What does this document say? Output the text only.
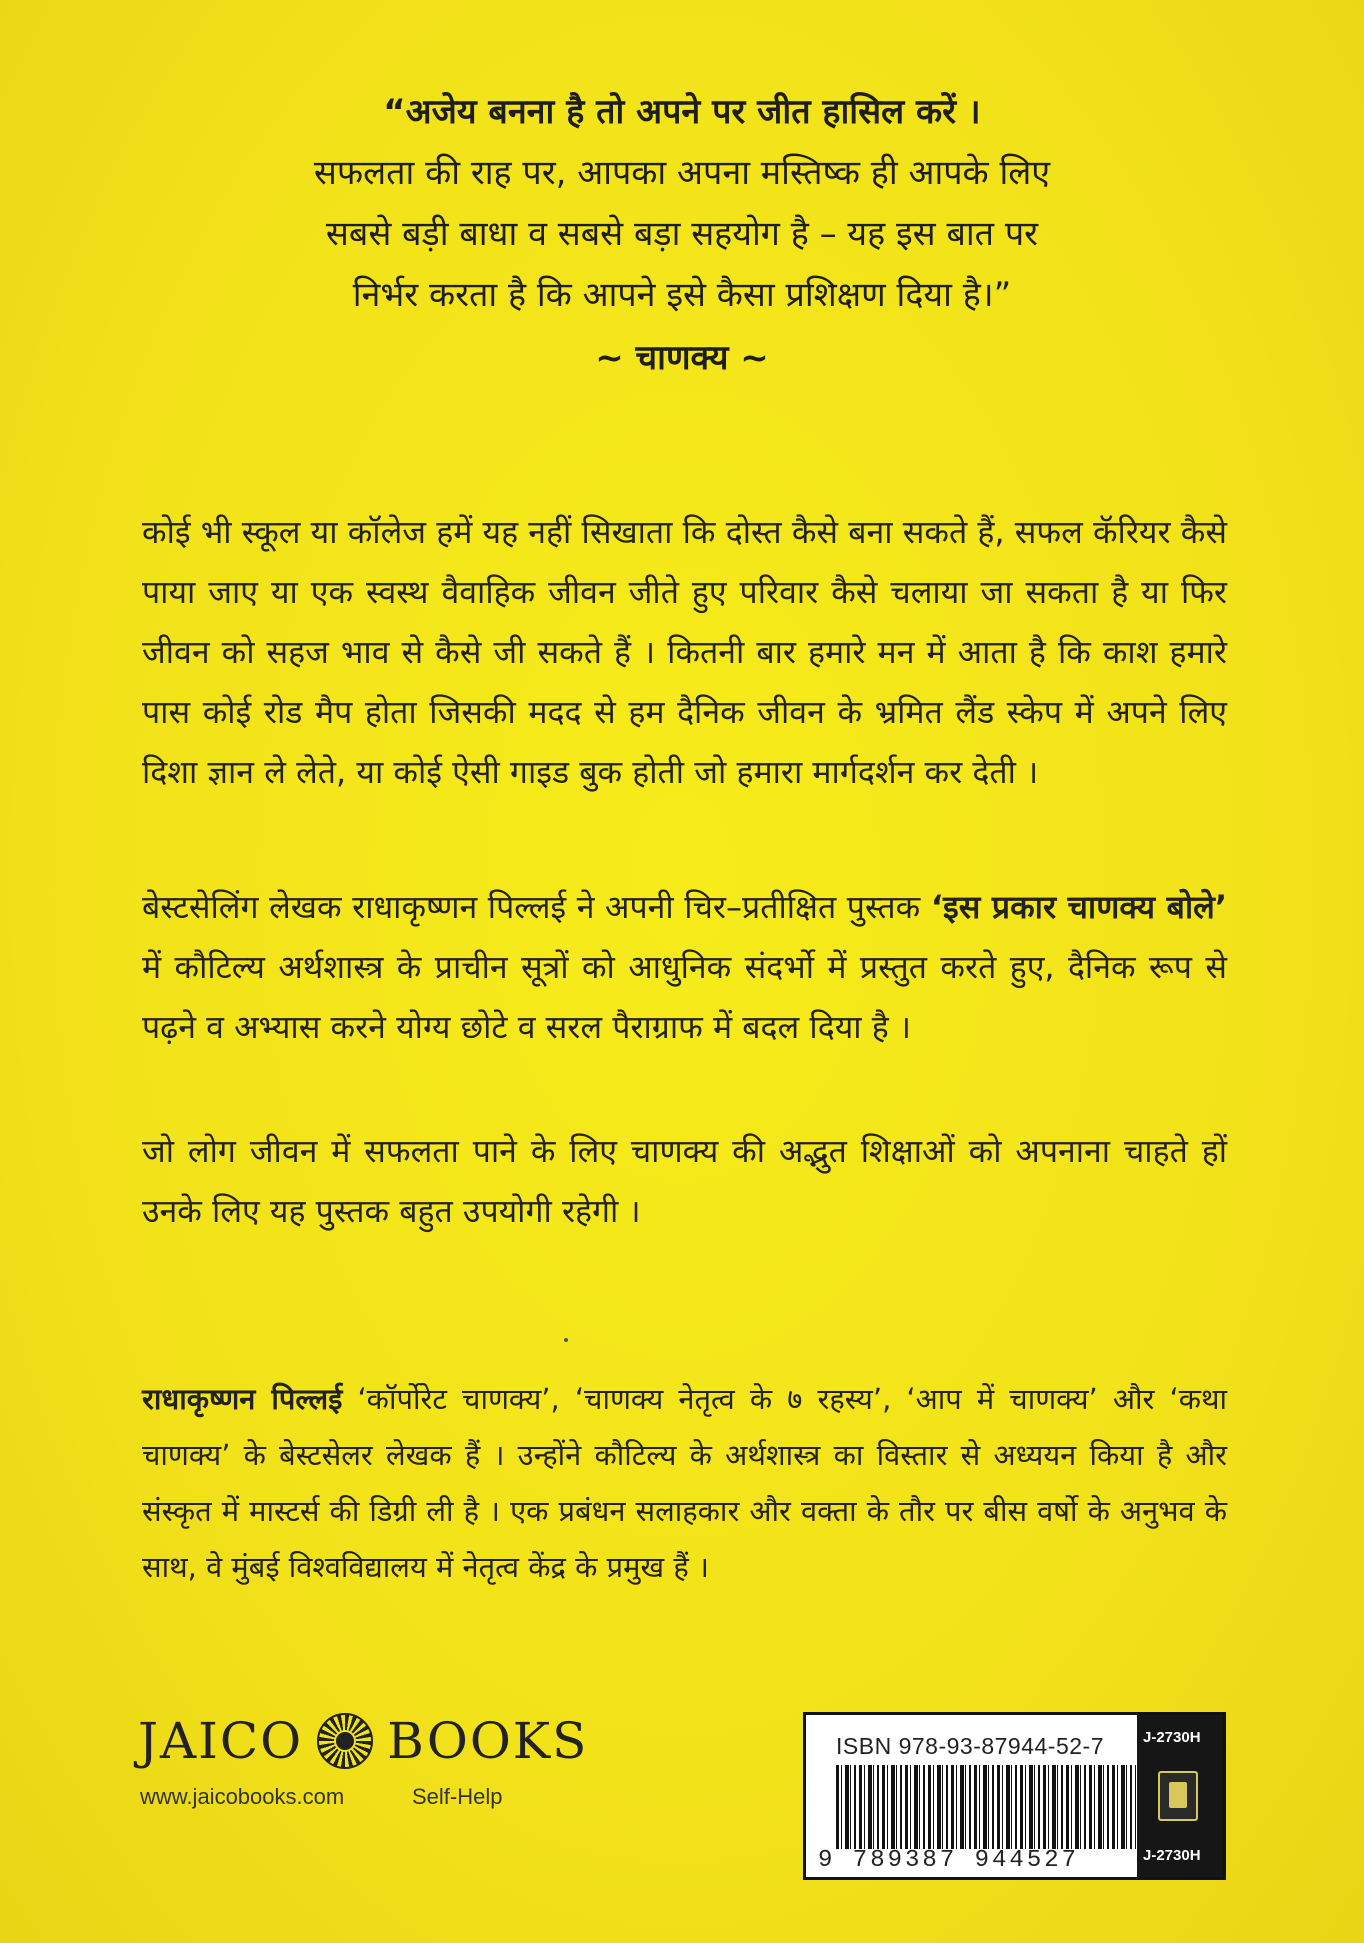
“अजेय बनना है तो अपने पर जीत हासिल करें ।
सफलता की राह पर, आपका अपना मस्तिष्क ही आपके लिए
सबसे बड़ी बाधा व सबसे बड़ा सहयोग है – यह इस बात पर
निर्भर करता है कि आपने इसे कैसा प्रशिक्षण दिया है।”
~ चाणक्य ~
कोई भी स्कूल या कॉलेज हमें यह नहीं सिखाता कि दोस्त कैसे बना सकते हैं, सफल कॅरियर कैसे पाया जाए या एक स्वस्थ वैवाहिक जीवन जीते हुए परिवार कैसे चलाया जा सकता है या फिर जीवन को सहज भाव से कैसे जी सकते हैं । कितनी बार हमारे मन में आता है कि काश हमारे पास कोई रोड मैप होता जिसकी मदद से हम दैनिक जीवन के भ्रमित लैंड स्केप में अपने लिए दिशा ज्ञान ले लेते, या कोई ऐसी गाइड बुक होती जो हमारा मार्गदर्शन कर देती ।
बेस्टसेलिंग लेखक राधाकृष्णन पिल्लई ने अपनी चिर–प्रतीक्षित पुस्तक ‘इस प्रकार चाणक्य बोले’ में कौटिल्य अर्थशास्त्र के प्राचीन सूत्रों को आधुनिक संदर्भो में प्रस्तुत करते हुए, दैनिक रूप से पढ़ने व अभ्यास करने योग्य छोटे व सरल पैराग्राफ में बदल दिया है ।
जो लोग जीवन में सफलता पाने के लिए चाणक्य की अद्भुत शिक्षाओं को अपनाना चाहते हों उनके लिए यह पुस्तक बहुत उपयोगी रहेगी ।
राधाकृष्णन पिल्लई ‘कॉर्पोरेट चाणक्य’, ‘चाणक्य नेतृत्व के ७ रहस्य’, ‘आप में चाणक्य’ और ‘कथा चाणक्य’ के बेस्टसेलर लेखक हैं । उन्होंने कौटिल्य के अर्थशास्त्र का विस्तार से अध्ययन किया है और संस्कृत में मास्टर्स की डिग्री ली है । एक प्रबंधन सलाहकार और वक्ता के तौर पर बीस वर्षो के अनुभव के साथ, वे मुंबई विश्वविद्यालय में नेतृत्व केंद्र के प्रमुख हैं ।
JAICO BOOKS
www.jaicobooks.com	Self-Help
ISBN 978-93-87944-52-7
9 789387 944527
J-2730H
J-2730H
